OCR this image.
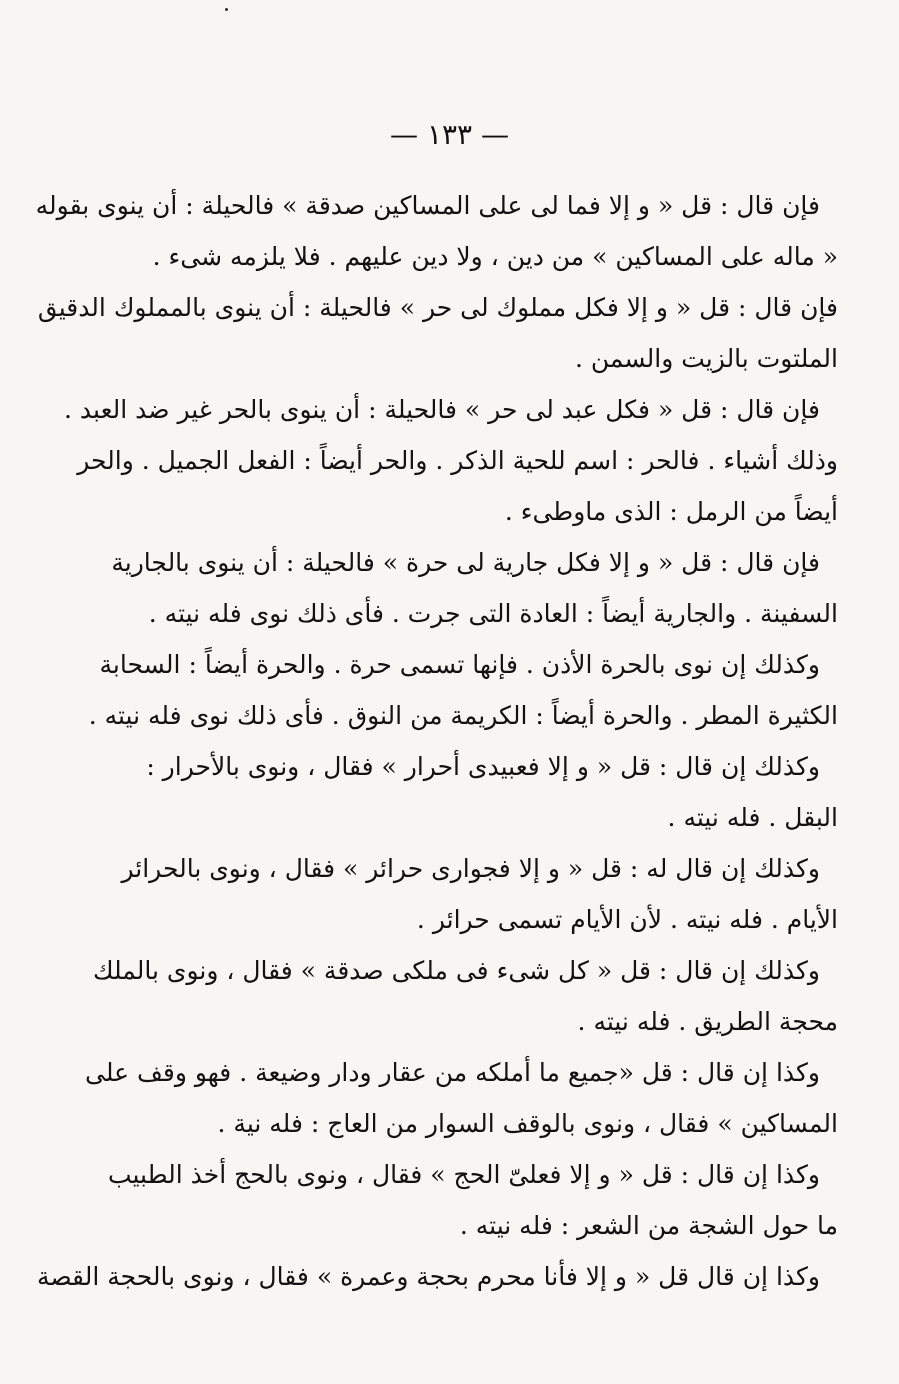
— ١٣٣ —
فإن قال : قل « و إلا فما لى على المساكين صدقة » فالحيلة : أن ينوى بقوله
« ماله على المساكين » من دين ، ولا دين عليهم . فلا يلزمه شىء .
فإن قال : قل « و إلا فكل مملوك لى حر » فالحيلة : أن ينوى بالمملوك الدقيق
الملتوت بالزيت والسمن .
فإن قال : قل « فكل عبد لى حر » فالحيلة : أن ينوى بالحر غير ضد العبد .
وذلك أشياء . فالحر : اسم للحية الذكر . والحر أيضاً : الفعل الجميل . والحر
أيضاً من الرمل : الذى ماوطىء .
فإن قال : قل « و إلا فكل جارية لى حرة » فالحيلة : أن ينوى بالجارية
السفينة . والجارية أيضاً : العادة التى جرت . فأى ذلك نوى فله نيته .
وكذلك إن نوى بالحرة الأذن . فإنها تسمى حرة . والحرة أيضاً : السحابة
الكثيرة المطر . والحرة أيضاً : الكريمة من النوق . فأى ذلك نوى فله نيته .
وكذلك إن قال : قل « و إلا فعبيدى أحرار » فقال ، ونوى بالأحرار :
البقل . فله نيته .
وكذلك إن قال له : قل « و إلا فجوارى حرائر » فقال ، ونوى بالحرائر
الأيام . فله نيته . لأن الأيام تسمى حرائر .
وكذلك إن قال : قل « كل شىء فى ملكى صدقة » فقال ، ونوى بالملك
محجة الطريق . فله نيته .
وكذا إن قال : قل «جميع ما أملكه من عقار ودار وضيعة . فهو وقف على
المساكين » فقال ، ونوى بالوقف السوار من العاج : فله نية .
وكذا إن قال : قل « و إلا فعلىّ الحج » فقال ، ونوى بالحج أخذ الطبيب
ما حول الشجة من الشعر : فله نيته .
وكذا إن قال قل « و إلا فأنا محرم بحجة وعمرة » فقال ، ونوى بالحجة القصة
